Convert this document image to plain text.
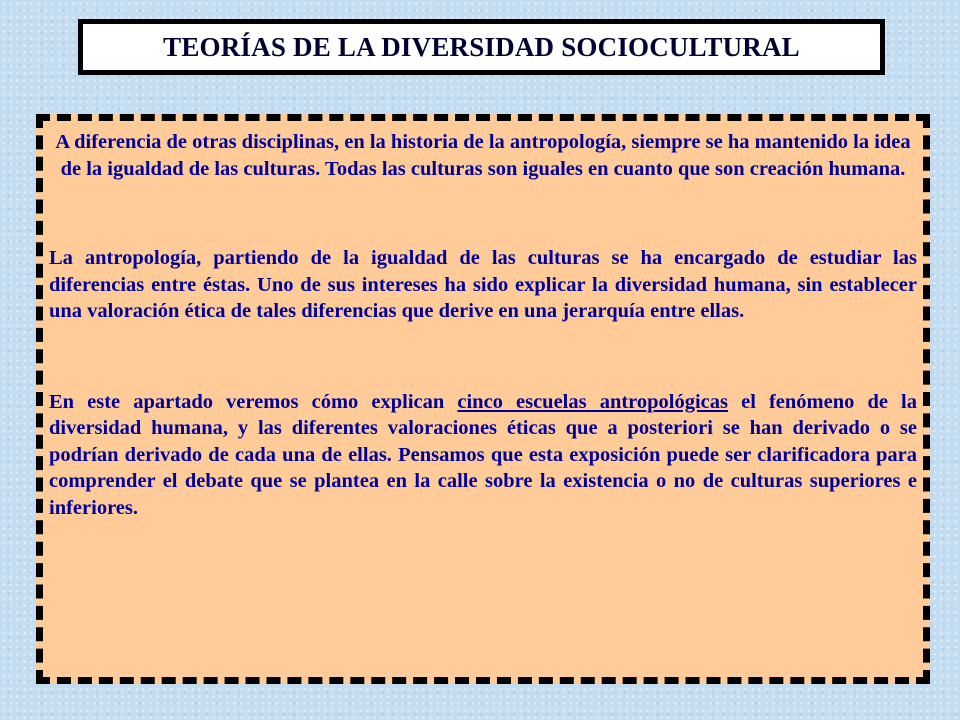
TEORÍAS DE LA DIVERSIDAD SOCIOCULTURAL

A diferencia de otras disciplinas, en la historia de la antropología, siempre se ha mantenido la idea de la igualdad de las culturas. Todas las culturas son iguales en cuanto que son creación humana.

La antropología, partiendo de la igualdad de las culturas se ha encargado de estudiar las diferencias entre éstas. Uno de sus intereses ha sido explicar la diversidad humana, sin establecer una valoración ética de tales diferencias que derive en una jerarquía entre ellas.

En este apartado veremos cómo explican cinco escuelas antropológicas el fenómeno de la diversidad humana, y las diferentes valoraciones éticas que a posteriori se han derivado o se podrían derivado de cada una de ellas. Pensamos que esta exposición puede ser clarificadora para comprender el debate que se plantea en la calle sobre la existencia o no de culturas superiores e inferiores.
